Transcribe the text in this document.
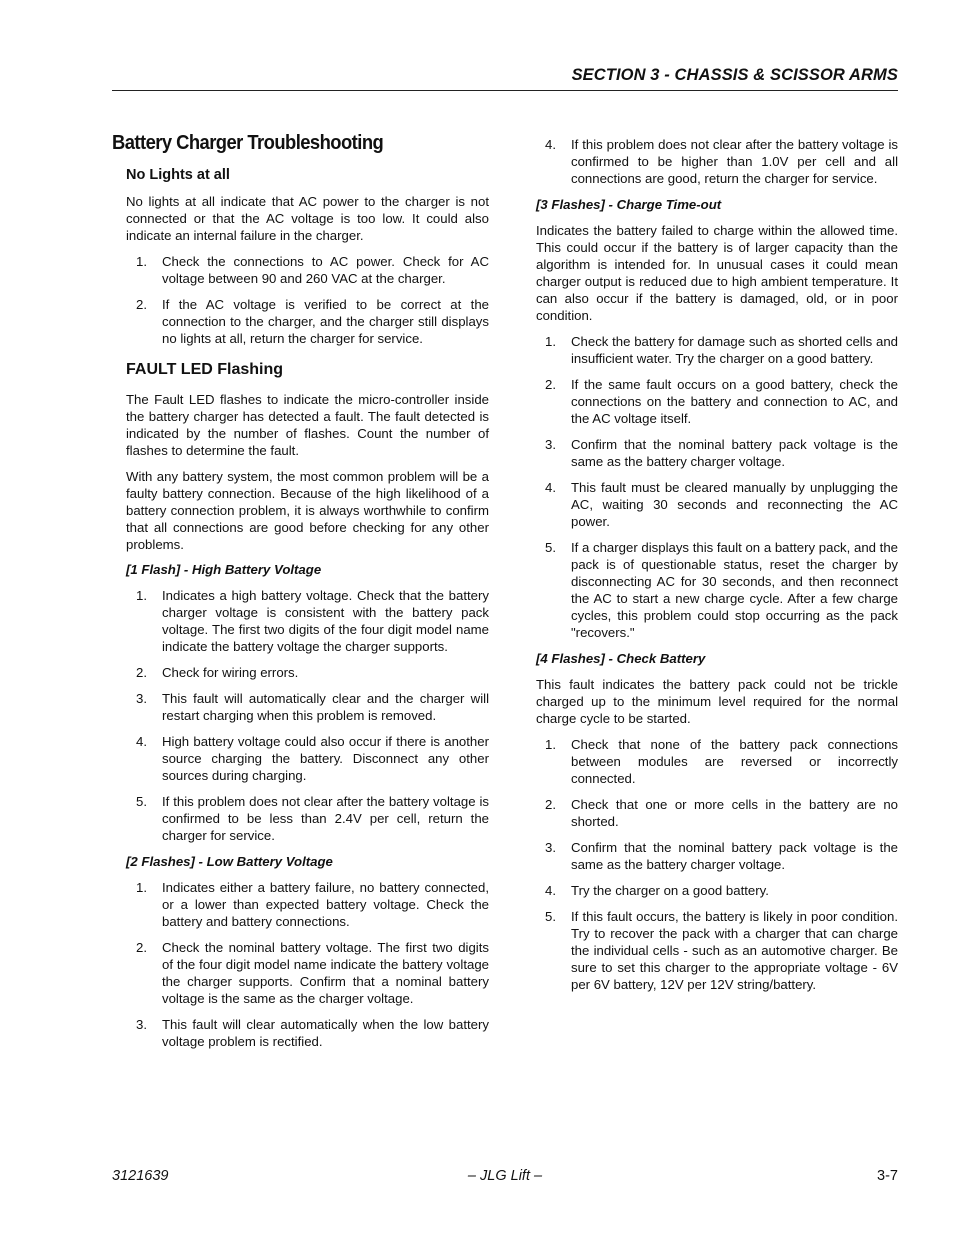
SECTION 3 - CHASSIS & SCISSOR ARMS
Battery Charger Troubleshooting
No Lights at all

No lights at all indicate that AC power to the charger is not connected or that the AC voltage is too low. It could also indicate an internal failure in the charger.

1. Check the connections to AC power. Check for AC voltage between 90 and 260 VAC at the charger.
2. If the AC voltage is verified to be correct at the connection to the charger, and the charger still displays no lights at all, return the charger for service.
FAULT LED Flashing

The Fault LED flashes to indicate the micro-controller inside the battery charger has detected a fault. The fault detected is indicated by the number of flashes. Count the number of flashes to determine the fault.

With any battery system, the most common problem will be a faulty battery connection. Because of the high likelihood of a battery connection problem, it is always worthwhile to confirm that all connections are good before checking for any other problems.

[1 Flash] - High Battery Voltage
1. Indicates a high battery voltage. Check that the battery charger voltage is consistent with the battery pack voltage. The first two digits of the four digit model name indicate the battery voltage the charger supports.
2. Check for wiring errors.
3. This fault will automatically clear and the charger will restart charging when this problem is removed.
4. High battery voltage could also occur if there is another source charging the battery. Disconnect any other sources during charging.
5. If this problem does not clear after the battery voltage is confirmed to be less than 2.4V per cell, return the charger for service.
[2 Flashes] - Low Battery Voltage
1. Indicates either a battery failure, no battery connected, or a lower than expected battery voltage. Check the battery and battery connections.
2. Check the nominal battery voltage. The first two digits of the four digit model name indicate the battery voltage the charger supports. Confirm that a nominal battery voltage is the same as the charger voltage.
3. This fault will clear automatically when the low battery voltage problem is rectified.
4. If this problem does not clear after the battery voltage is confirmed to be higher than 1.0V per cell and all connections are good, return the charger for service.
[3 Flashes] - Charge Time-out

Indicates the battery failed to charge within the allowed time. This could occur if the battery is of larger capacity than the algorithm is intended for. In unusual cases it could mean charger output is reduced due to high ambient temperature. It can also occur if the battery is damaged, old, or in poor condition.

1. Check the battery for damage such as shorted cells and insufficient water. Try the charger on a good battery.
2. If the same fault occurs on a good battery, check the connections on the battery and connection to AC, and the AC voltage itself.
3. Confirm that the nominal battery pack voltage is the same as the battery charger voltage.
4. This fault must be cleared manually by unplugging the AC, waiting 30 seconds and reconnecting the AC power.
5. If a charger displays this fault on a battery pack, and the pack is of questionable status, reset the charger by disconnecting AC for 30 seconds, and then reconnect the AC to start a new charge cycle. After a few charge cycles, this problem could stop occurring as the pack "recovers."
[4 Flashes] - Check Battery

This fault indicates the battery pack could not be trickle charged up to the minimum level required for the normal charge cycle to be started.

1. Check that none of the battery pack connections between modules are reversed or incorrectly connected.
2. Check that one or more cells in the battery are no shorted.
3. Confirm that the nominal battery pack voltage is the same as the battery charger voltage.
4. Try the charger on a good battery.
5. If this fault occurs, the battery is likely in poor condition. Try to recover the pack with a charger that can charge the individual cells - such as an automotive charger. Be sure to set this charger to the appropriate voltage - 6V per 6V battery, 12V per 12V string/battery.
3121639	– JLG Lift –	3-7
